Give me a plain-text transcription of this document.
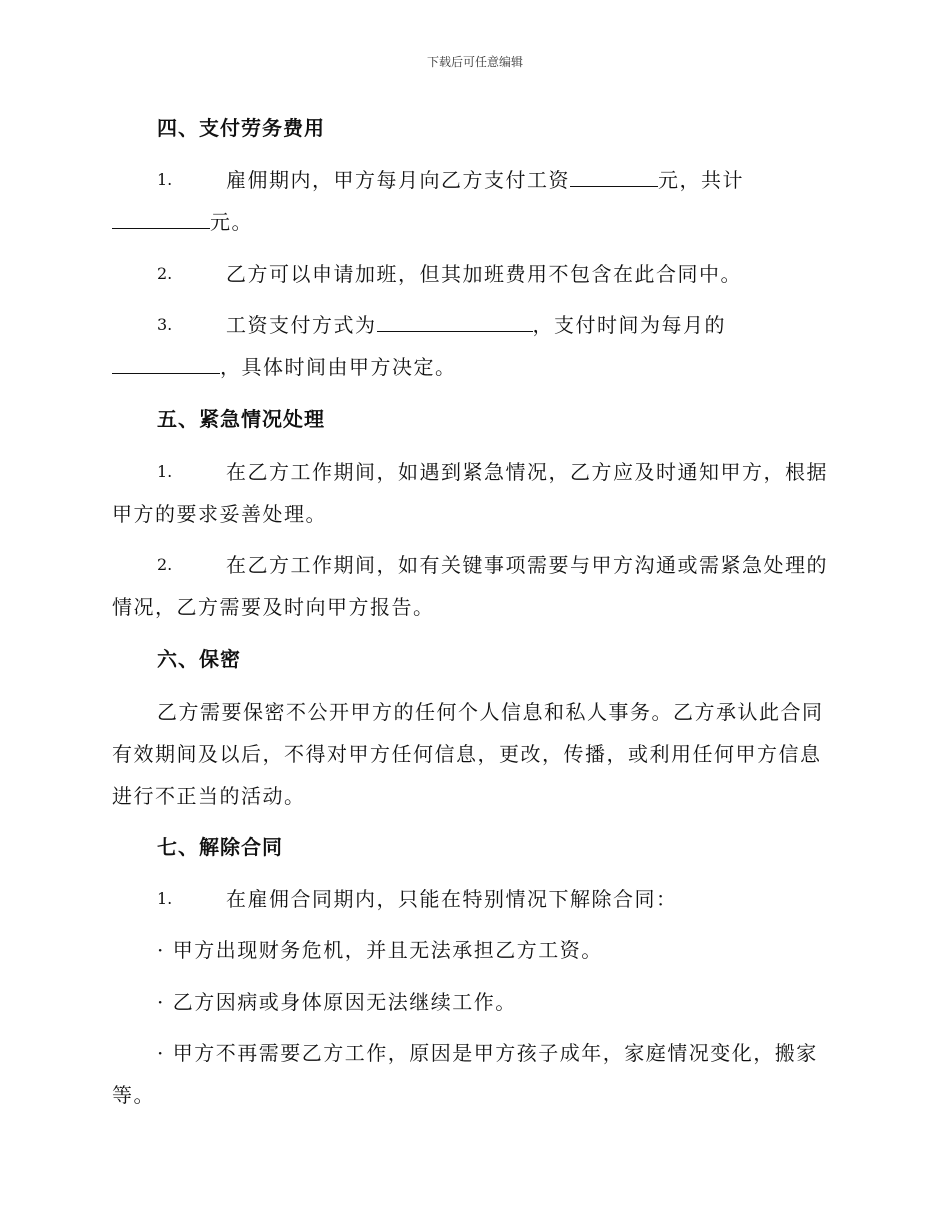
下载后可任意编辑
四、支付劳务费用
1.	雇佣期内，甲方每月向乙方支付工资	元，共计
元。
2.	乙方可以申请加班，但其加班费用不包含在此合同中。
3.	工资支付方式为	，支付时间为每月的
，具体时间由甲方决定。
五、紧急情况处理
1.	在乙方工作期间，如遇到紧急情况，乙方应及时通知甲方，根据
甲方的要求妥善处理。
2.	在乙方工作期间，如有关键事项需要与甲方沟通或需紧急处理的
情况，乙方需要及时向甲方报告。
六、保密
乙方需要保密不公开甲方的任何个人信息和私人事务。乙方承认此合同
有效期间及以后，不得对甲方任何信息，更改，传播，或利用任何甲方信息
进行不正当的活动。
七、解除合同
1.	在雇佣合同期内，只能在特别情况下解除合同：
· 甲方出现财务危机，并且无法承担乙方工资。
· 乙方因病或身体原因无法继续工作。
· 甲方不再需要乙方工作，原因是甲方孩子成年，家庭情况变化，搬家
等。
